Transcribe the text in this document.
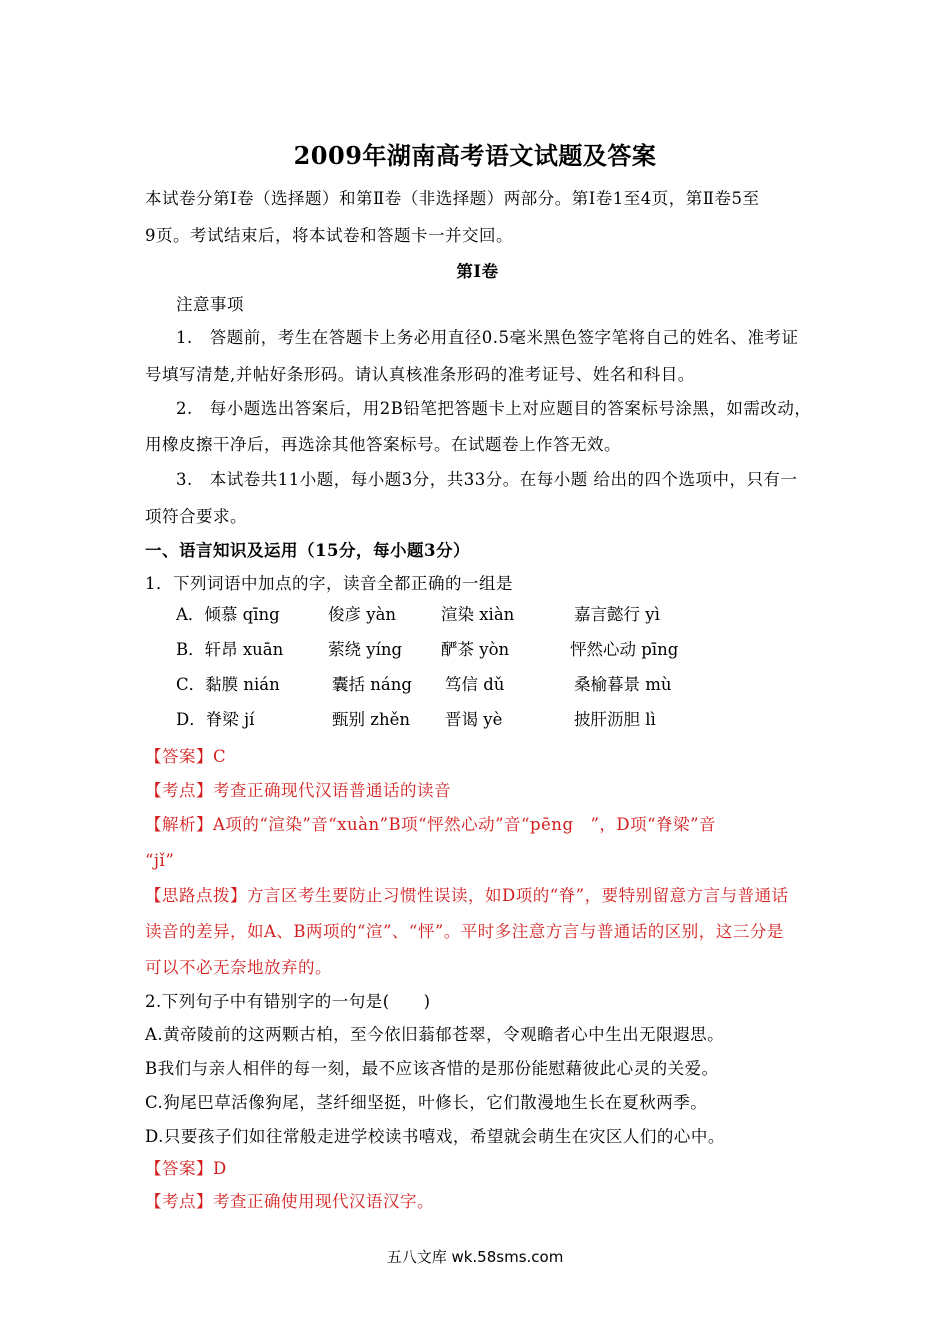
2009年湖南高考语文试题及答案
本试卷分第Ⅰ卷（选择题）和第Ⅱ卷（非选择题）两部分。第Ⅰ卷1至4页，第Ⅱ卷5至
9页。考试结束后，将本试卷和答题卡一并交回。
第Ⅰ卷
注意事项
1.　答题前，考生在答题卡上务必用直径0.5毫米黑色签字笔将自己的姓名、准考证
号填写清楚,并帖好条形码。请认真核准条形码的准考证号、姓名和科目。
2.　每小题选出答案后，用2B铅笔把答题卡上对应题目的答案标号涂黑，如需改动，
用橡皮擦干净后，再选涂其他答案标号。在试题卷上作答无效。
3.　本试卷共11小题，每小题3分，共33分。在每小题 给出的四个选项中，只有一
项符合要求。
一、语言知识及运用（15分，每小题3分）
1．下列词语中加点的字，读音全都正确的一组是
A．倾慕 qīng	俊彦 yàn	渲染 xiàn	嘉言懿行 yì
B．轩昂 xuān	萦绕 yíng 酽茶 yòn	怦然心动 pīng
C．黏膜 nián	囊括 náng 笃信 dǔ	桑榆暮景 mù
D．脊梁 jí	甄别 zhěn 晋谒 yè	披肝沥胆 lì
【答案】C
【考点】考查正确现代汉语普通话的读音
【解析】A项的“渲染”音“xuàn”B项“怦然心动”音“pēng　”，D项“脊梁”音
“jǐ”
【思路点拨】方言区考生要防止习惯性误读，如D项的“脊”，要特别留意方言与普通话
读音的差异，如A、B两项的“渲”、“怦”。平时多注意方言与普通话的区别，这三分是
可以不必无奈地放弃的。
2.下列句子中有错别字的一句是(　　)
A.黄帝陵前的这两颗古柏，至今依旧蓊郁苍翠，令观瞻者心中生出无限遐思。
B我们与亲人相伴的每一刻，最不应该吝惜的是那份能慰藉彼此心灵的关爱。
C.狗尾巴草活像狗尾，茎纤细坚挺，叶修长，它们散漫地生长在夏秋两季。
D.只要孩子们如往常般走进学校读书嘻戏，希望就会萌生在灾区人们的心中。
【答案】D
【考点】考查正确使用现代汉语汉字。
五八文库 wk.58sms.com
